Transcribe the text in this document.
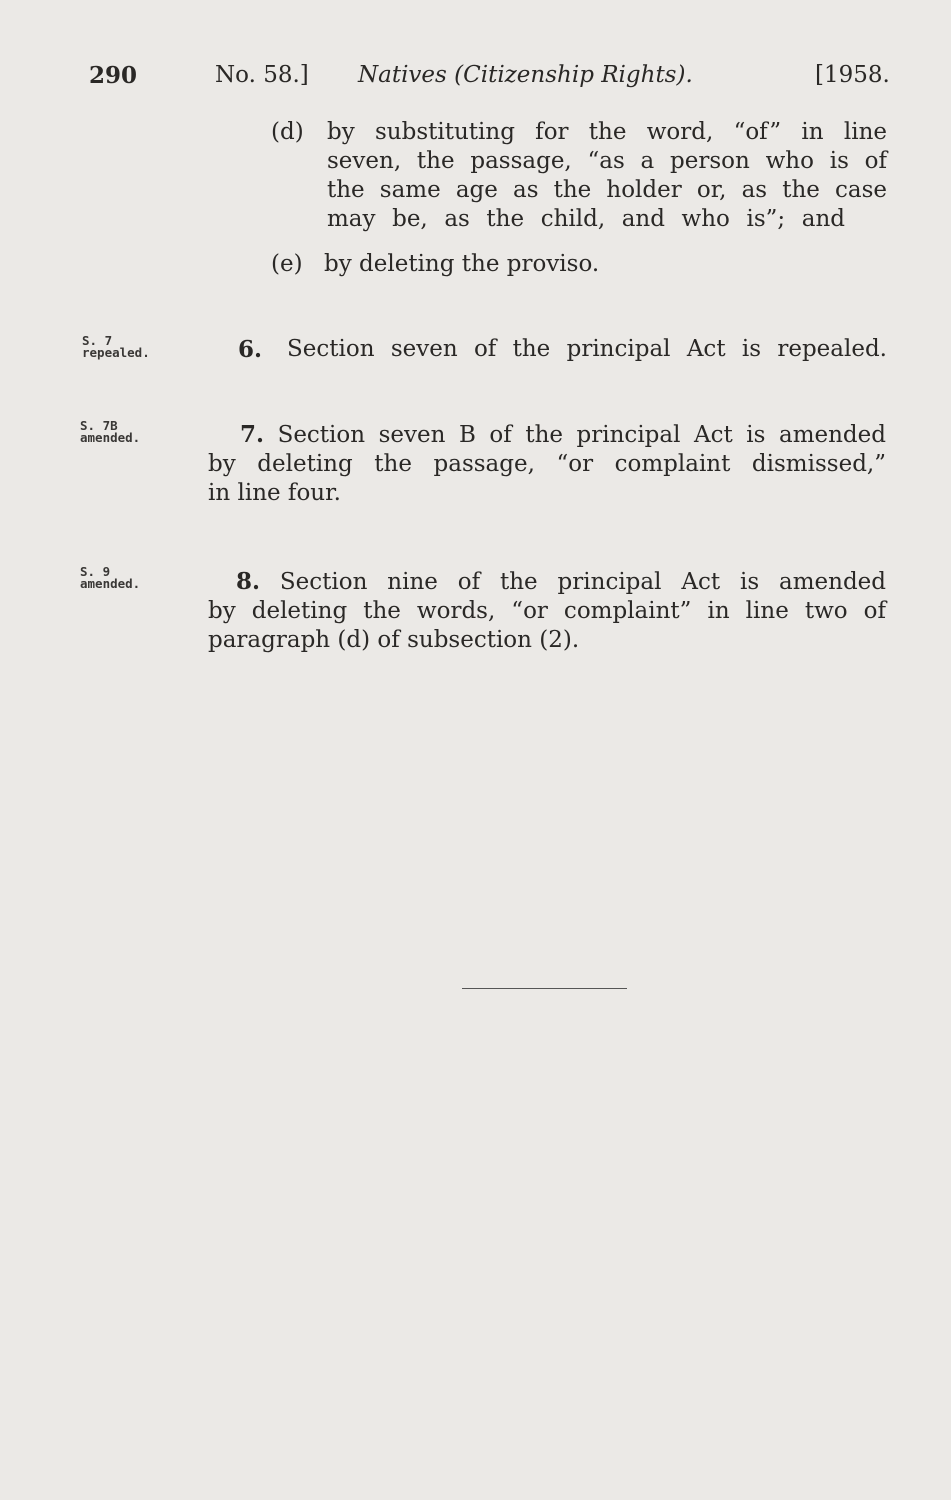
290	No. 58.] Natives (Citizenship Rights).	[1958.
(d) by substituting for the word, “of” in line
seven, the passage, “as a person who is of
the same age as the holder or, as the case
may be, as the child, and who is”; and
(e) by deleting the proviso.
S. 7
repealed.	6. Section seven of the principal Act is repealed.
S. 7B
amended.	7. Section seven B of the principal Act is amended
by deleting the passage, “or complaint dismissed,”
in line four.
S. 9
amended.	8. Section nine of the principal Act is amended
by deleting the words, “or complaint” in line two of
paragraph (d) of subsection (2).
